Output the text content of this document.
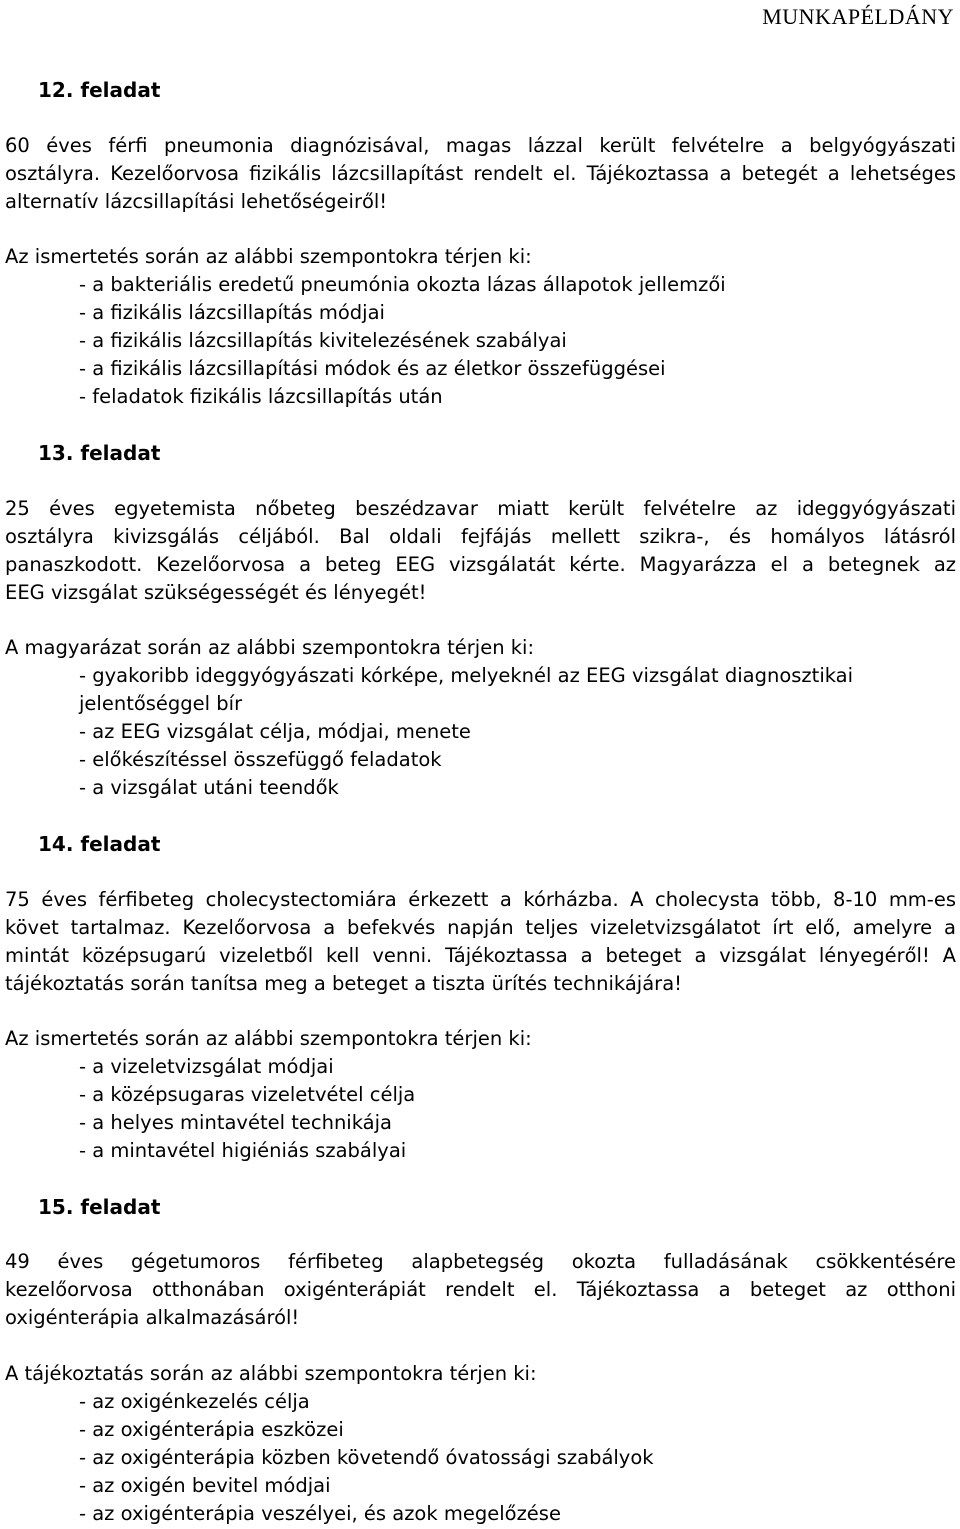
MUNKAPÉLDÁNY
12. feladat
60 éves férfi pneumonia diagnózisával, magas lázzal került felvételre a belgyógyászati
osztályra. Kezelőorvosa fizikális lázcsillapítást rendelt el. Tájékoztassa a betegét a lehetséges
alternatív lázcsillapítási lehetőségeiről!
Az ismertetés során az alábbi szempontokra térjen ki:
- a bakteriális eredetű pneumónia okozta lázas állapotok jellemzői
- a fizikális lázcsillapítás módjai
- a fizikális lázcsillapítás kivitelezésének szabályai
- a fizikális lázcsillapítási módok és az életkor összefüggései
- feladatok fizikális lázcsillapítás után
13. feladat
25 éves egyetemista nőbeteg beszédzavar miatt került felvételre az ideggyógyászati
osztályra kivizsgálás céljából. Bal oldali fejfájás mellett szikra-, és homályos látásról
panaszkodott. Kezelőorvosa a beteg EEG vizsgálatát kérte. Magyarázza el a betegnek az
EEG vizsgálat szükségességét és lényegét!
A magyarázat során az alábbi szempontokra térjen ki:
- gyakoribb ideggyógyászati kórképe, melyeknél az EEG vizsgálat diagnosztikai
jelentőséggel bír
- az EEG vizsgálat célja, módjai, menete
- előkészítéssel összefüggő feladatok
- a vizsgálat utáni teendők
14. feladat
75 éves férfibeteg cholecystectomiára érkezett a kórházba. A cholecysta több, 8-10 mm-es
követ tartalmaz. Kezelőorvosa a befekvés napján teljes vizeletvizsgálatot írt elő, amelyre a
mintát középsugarú vizeletből kell venni. Tájékoztassa a beteget a vizsgálat lényegéről! A
tájékoztatás során tanítsa meg a beteget a tiszta ürítés technikájára!
Az ismertetés során az alábbi szempontokra térjen ki:
- a vizeletvizsgálat módjai
- a középsugaras vizeletvétel célja
- a helyes mintavétel technikája
- a mintavétel higiéniás szabályai
15. feladat
49 éves gégetumoros férfibeteg alapbetegség okozta fulladásának csökkentésére
kezelőorvosa otthonában oxigénterápiát rendelt el. Tájékoztassa a beteget az otthoni
oxigénterápia alkalmazásáról!
A tájékoztatás során az alábbi szempontokra térjen ki:
- az oxigénkezelés célja
- az oxigénterápia eszközei
- az oxigénterápia közben követendő óvatossági szabályok
- az oxigén bevitel módjai
- az oxigénterápia veszélyei, és azok megelőzése
